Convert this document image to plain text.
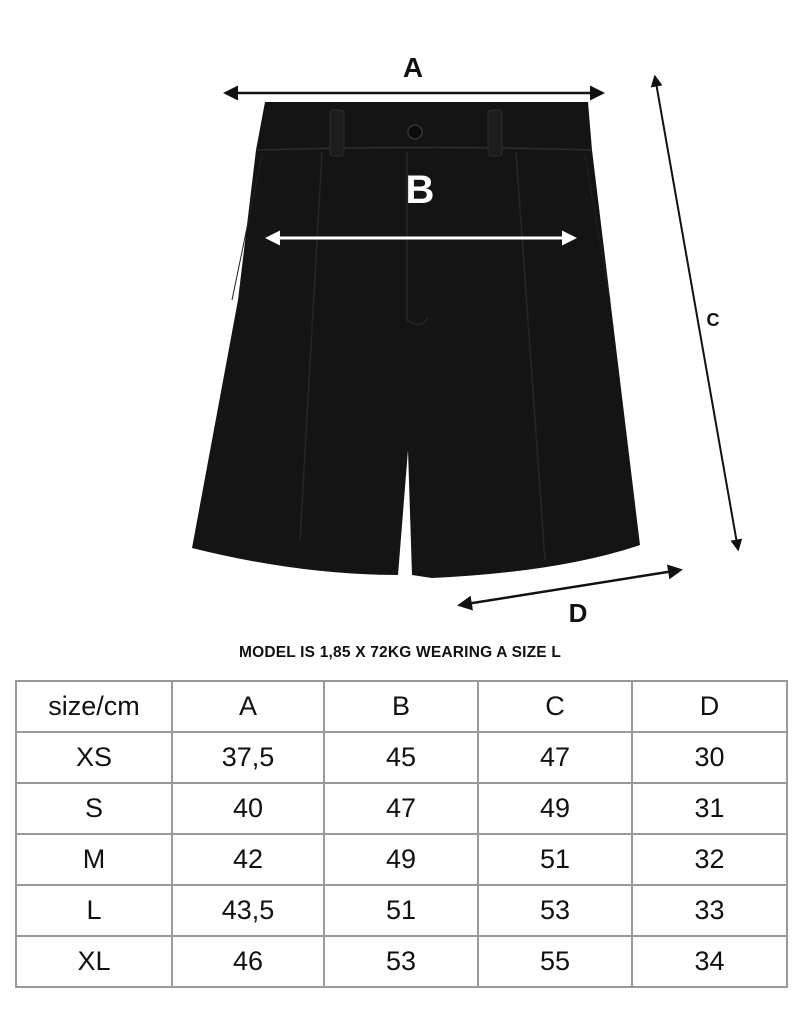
A
B
C
D
MODEL IS 1,85 X 72KG WEARING A SIZE L
size/cm	A	B	C	D
XS	37,5	45	47	30
S	40	47	49	31
M	42	49	51	32
L	43,5	51	53	33
XL	46	53	55	34
